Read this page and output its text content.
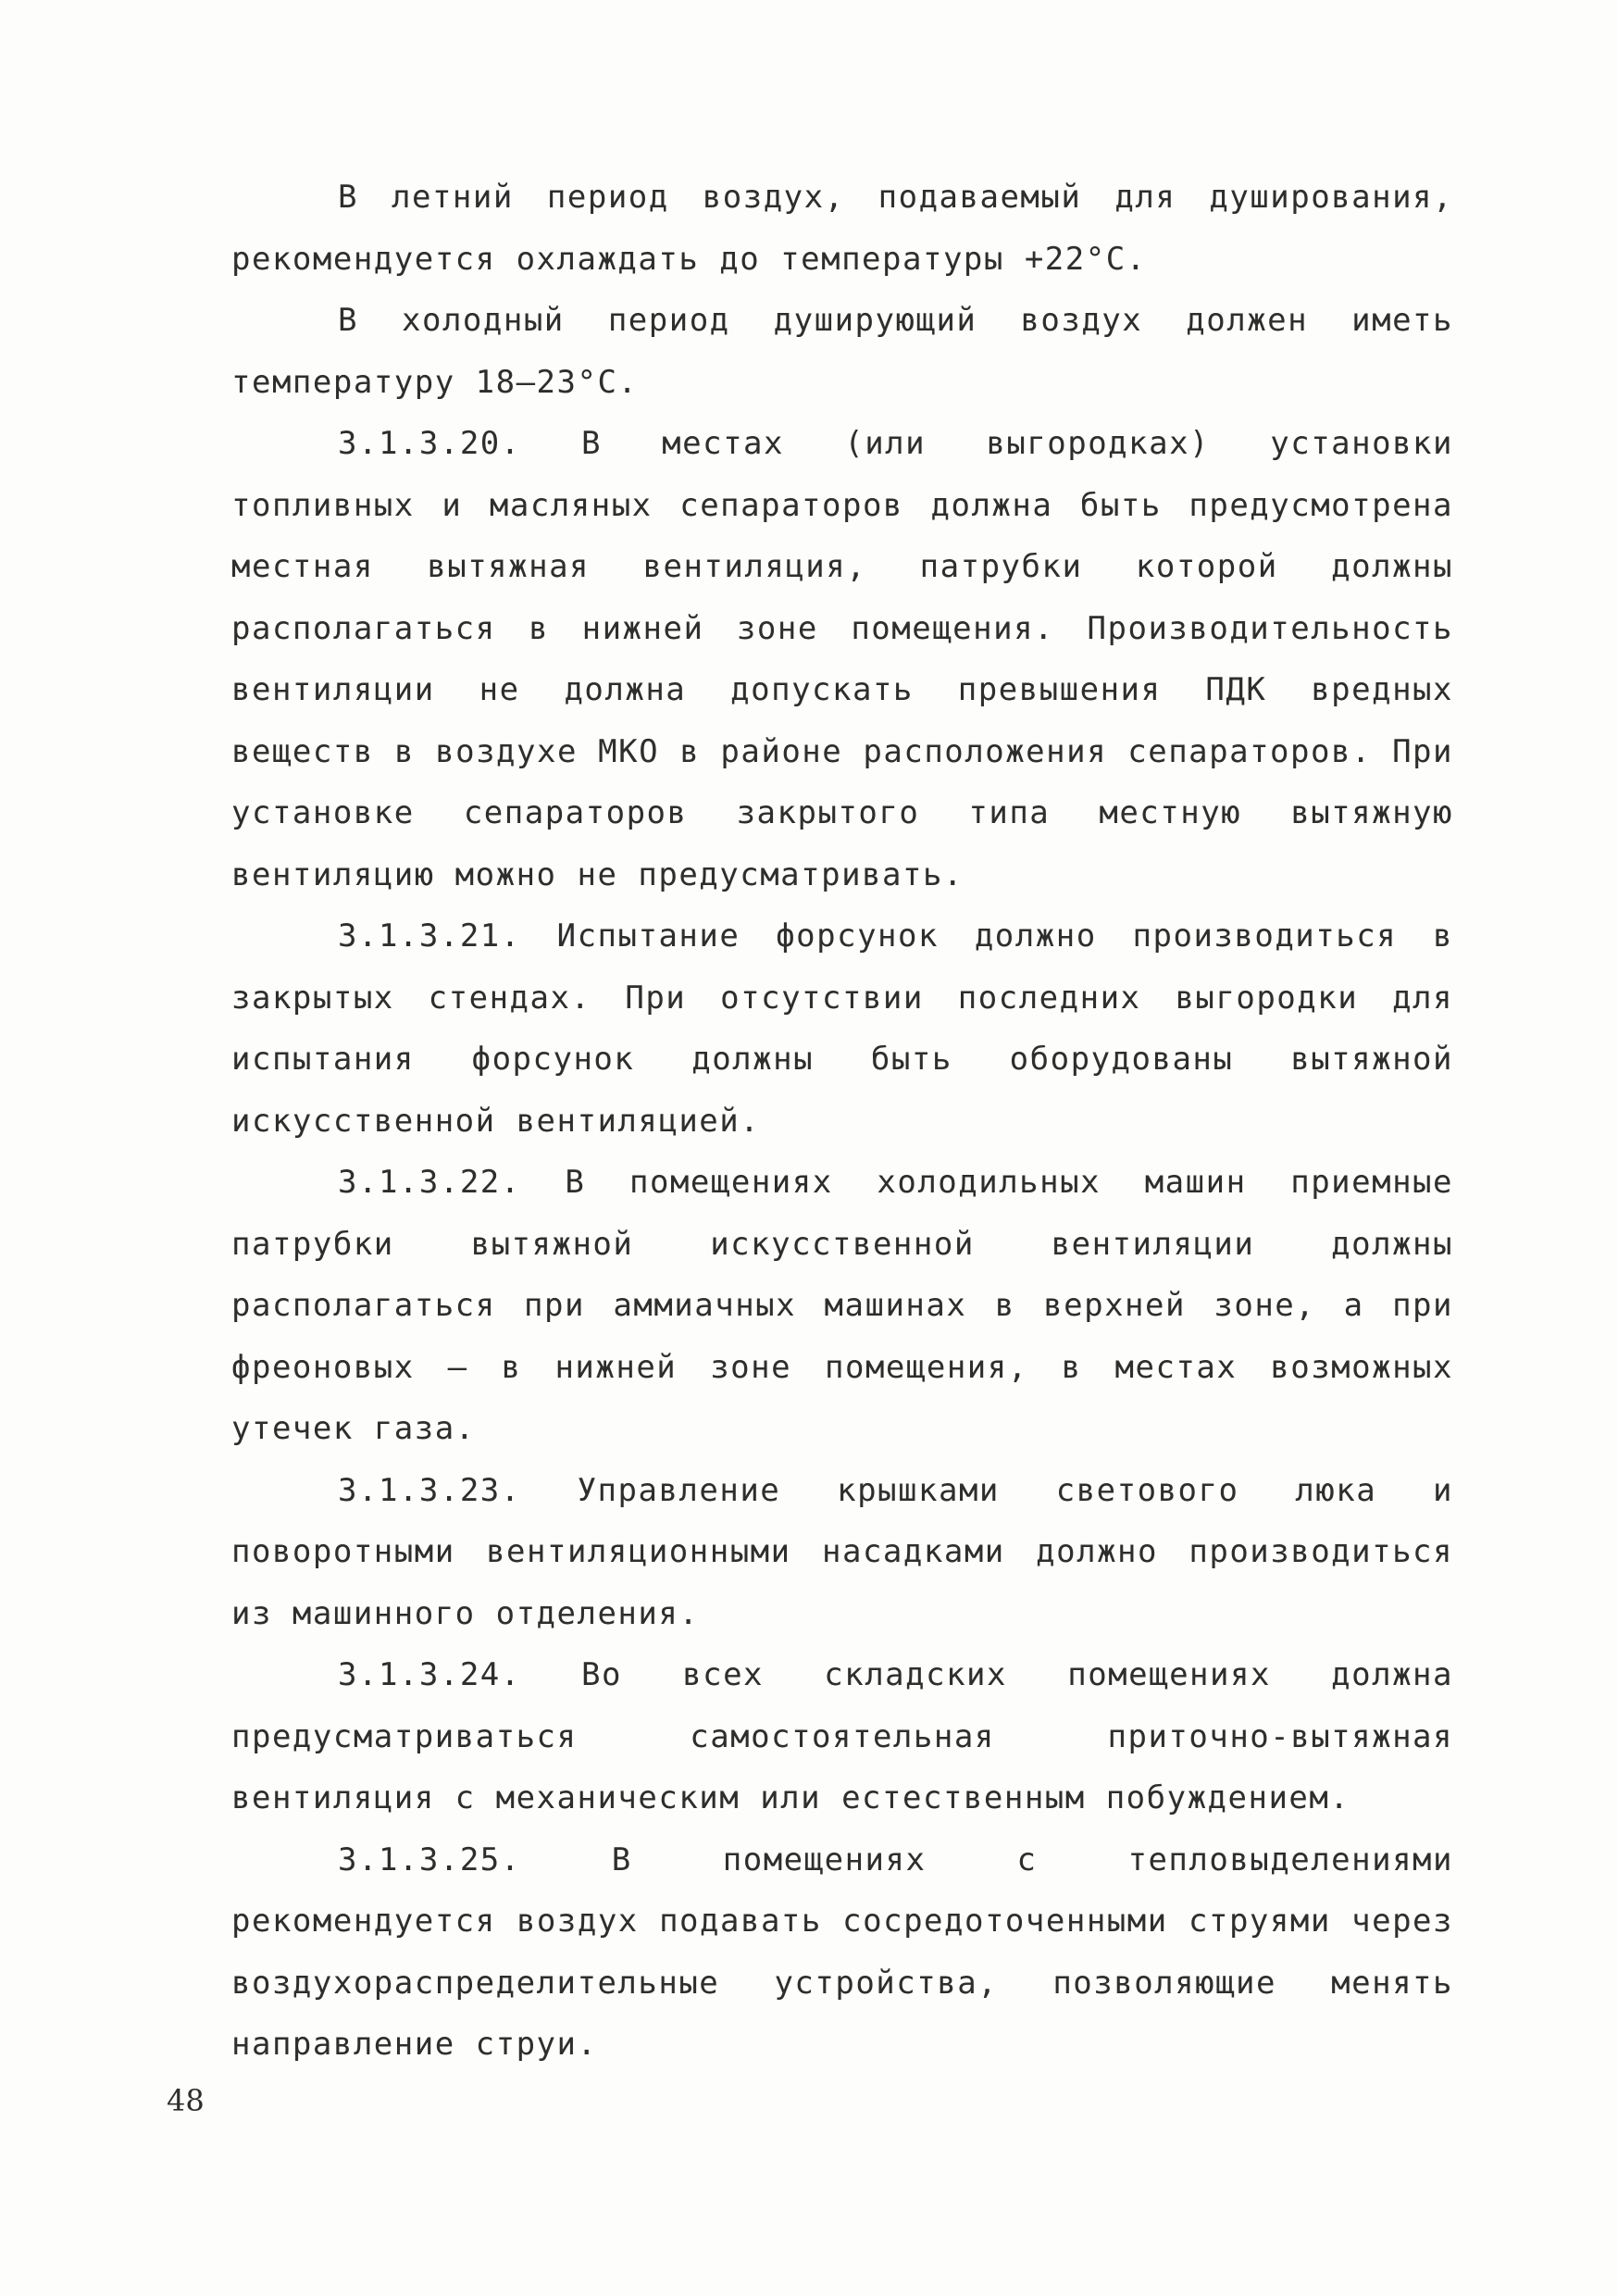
В летний период воздух, подаваемый для душирования, рекомендуется охлаждать до температуры +22°С.

В холодный период душирующий воздух должен иметь температуру 18–23°С.

3.1.3.20. В местах (или выгородках) установки топливных и масляных сепараторов должна быть предусмотрена местная вытяжная вентиляция, патрубки которой должны располагаться в нижней зоне помещения. Производительность вентиляции не должна допускать превышения ПДК вредных веществ в воздухе МКО в районе расположения сепараторов. При установке сепараторов закрытого типа местную вытяжную вентиляцию можно не предусматривать.

3.1.3.21. Испытание форсунок должно производиться в закрытых стендах. При отсутствии последних выгородки для испытания форсунок должны быть оборудованы вытяжной искусственной вентиляцией.

3.1.3.22. В помещениях холодильных машин приемные патрубки вытяжной искусственной вентиляции должны располагаться при аммиачных машинах в верхней зоне, а при фреоновых – в нижней зоне помещения, в местах возможных утечек газа.

3.1.3.23. Управление крышками светового люка и поворотными вентиляционными насадками должно производиться из машинного отделения.

3.1.3.24. Во всех складских помещениях должна предусматриваться самостоятельная приточно-вытяжная вентиляция с механическим или естественным побуждением.

3.1.3.25. В помещениях с тепловыделениями рекомендуется воздух подавать сосредоточенными струями через воздухораспределительные устройства, позволяющие менять направление струи.

48
